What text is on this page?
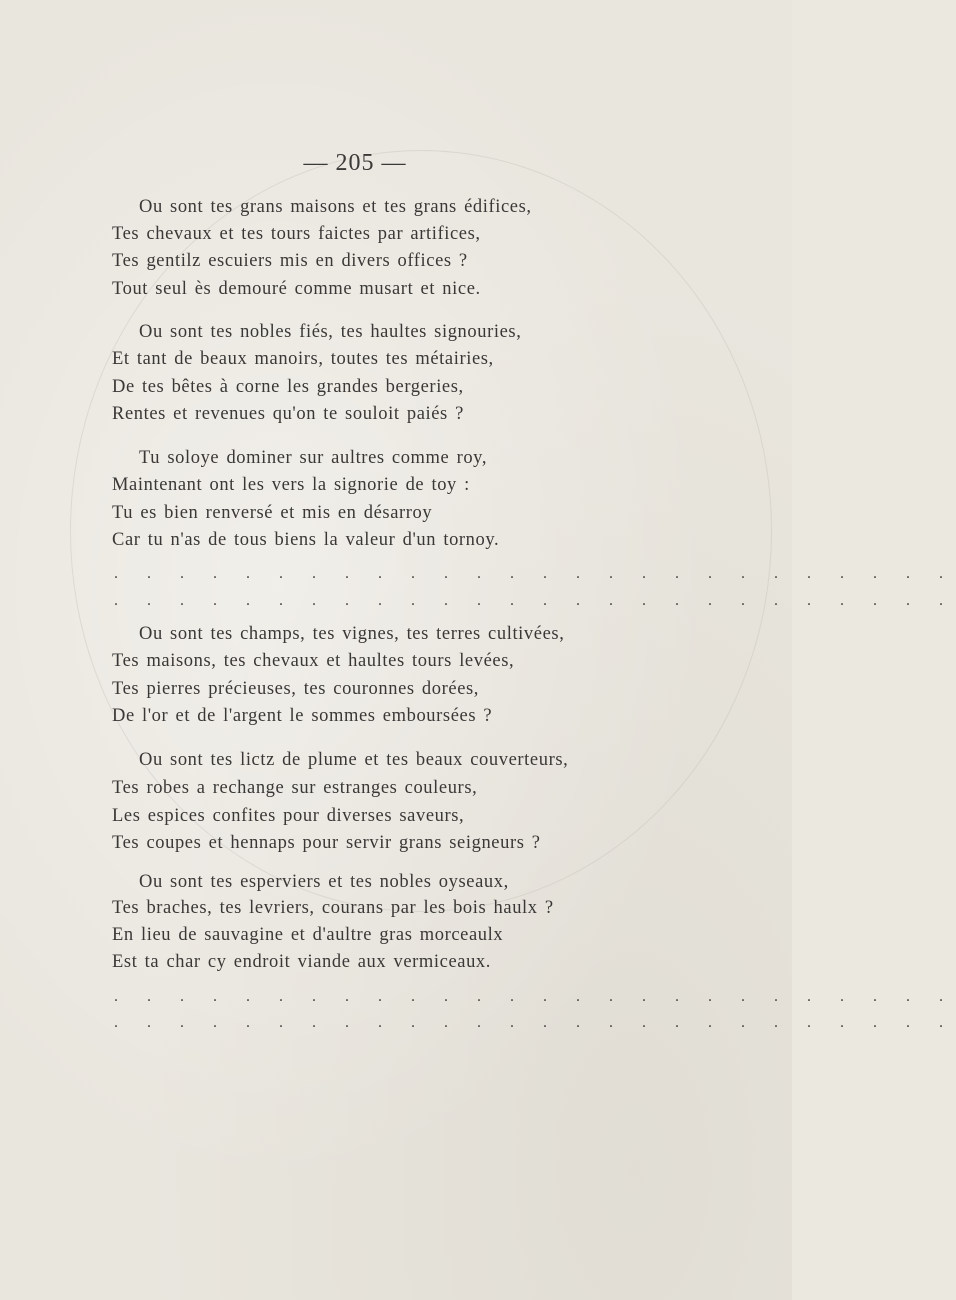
— 205 —
Ou sont tes grans maisons et tes grans édifices,
Tes chevaux et tes tours faictes par artifices,
Tes gentilz escuiers mis en divers offices ?
Tout seul ès demouré comme musart et nice.
Ou sont tes nobles fiés, tes haultes signouries,
Et tant de beaux manoirs, toutes tes métairies,
De tes bêtes à corne les grandes bergeries,
Rentes et revenues qu'on te souloit paiés ?
Tu soloye dominer sur aultres comme roy,
Maintenant ont les vers la signorie de toy :
Tu es bien renversé et mis en désarroy
Car tu n'as de tous biens la valeur d'un tornoy.
. . . . . . . . . . . . . . . . . . . . . . . . . .
. . . . . . . . . . . . . . . . . . . . . . . . . .
Ou sont tes champs, tes vignes, tes terres cultivées,
Tes maisons, tes chevaux et haultes tours levées,
Tes pierres précieuses, tes couronnes dorées,
De l'or et de l'argent le sommes emboursées ?
Ou sont tes lictz de plume et tes beaux couverteurs,
Tes robes a rechange sur estranges couleurs,
Les espices confites pour diverses saveurs,
Tes coupes et hennaps pour servir grans seigneurs ?
Ou sont tes esperviers et tes nobles oyseaux,
Tes braches, tes levriers, courans par les bois haulx ?
En lieu de sauvagine et d'aultre gras morceaulx
Est ta char cy endroit viande aux vermiceaux.
. . . . . . . . . . . . . . . . . . . . . . . . . .
. . . . . . . . . . . . . . . . . . . . . . . . . .
